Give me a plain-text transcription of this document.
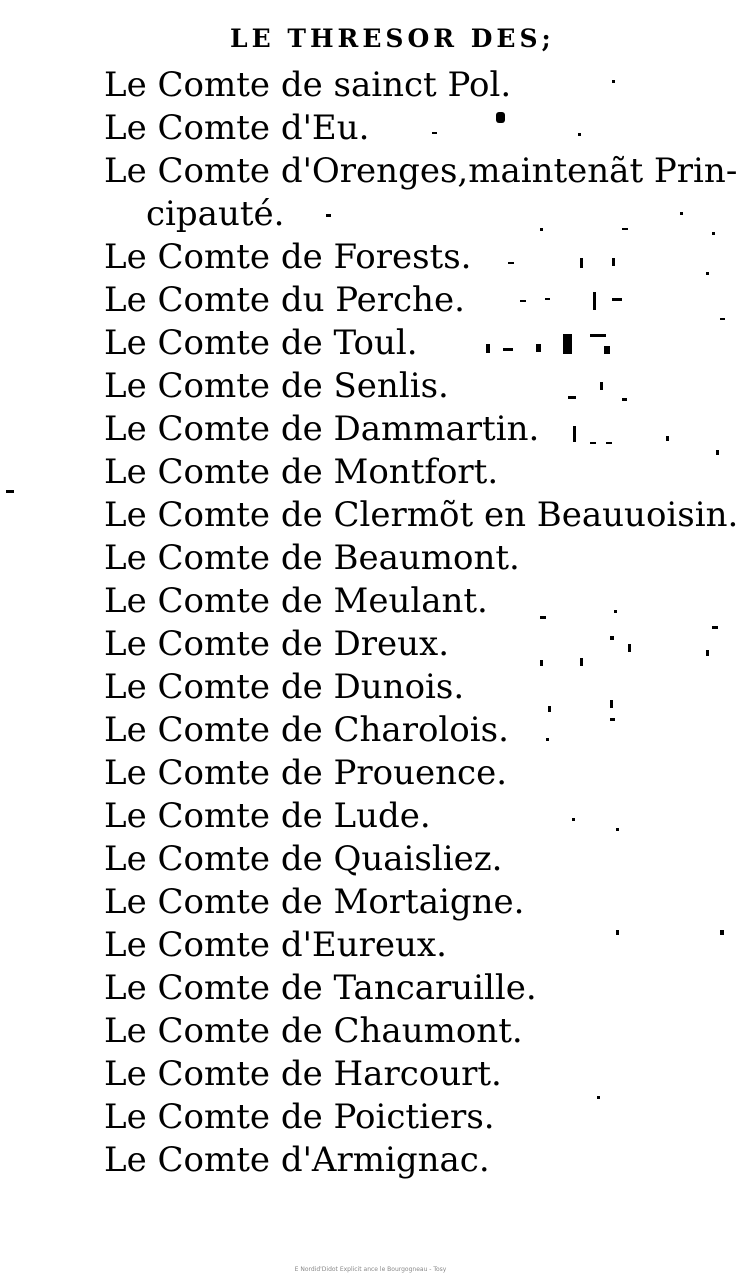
LE THRESOR DES;
Le Comte de sainct Pol.
Le Comte d'Eu.
Le Comte d'Orenges,maintenãt Prin-
cipauté.
Le Comte de Forests.
Le Comte du Perche.
Le Comte de Toul.
Le Comte de Senlis.
Le Comte de Dammartin.
Le Comte de Montfort.
Le Comte de Clermõt en Beauuoisin.
Le Comte de Beaumont.
Le Comte de Meulant.
Le Comte de Dreux.
Le Comte de Dunois.
Le Comte de Charolois.
Le Comte de Prouence.
Le Comte de Lude.
Le Comte de Quaisliez.
Le Comte de Mortaigne.
Le Comte d'Eureux.
Le Comte de Tancaruille.
Le Comte de Chaumont.
Le Comte de Harcourt.
Le Comte de Poictiers.
Le Comte d'Armignac.
E Nordid'Didot Explicit ance le Bourgogneau - Tosy
